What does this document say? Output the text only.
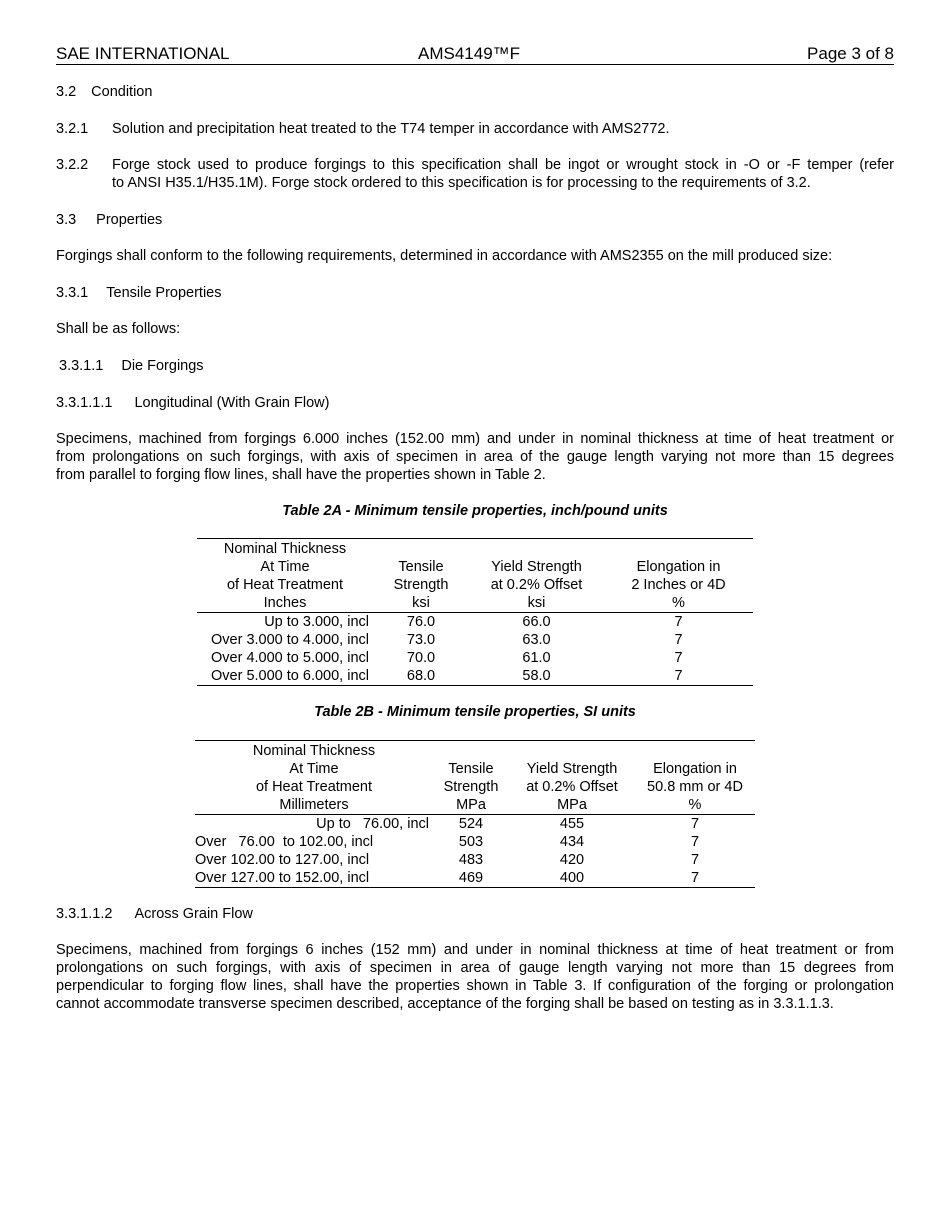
SAE INTERNATIONAL	AMS4149™F	Page 3 of 8
3.2 Condition
3.2.1 Solution and precipitation heat treated to the T74 temper in accordance with AMS2772.
3.2.2 Forge stock used to produce forgings to this specification shall be ingot or wrought stock in -O or -F temper (refer
to ANSI H35.1/H35.1M). Forge stock ordered to this specification is for processing to the requirements of 3.2.
3.3 Properties
Forgings shall conform to the following requirements, determined in accordance with AMS2355 on the mill produced size:
3.3.1 Tensile Properties
Shall be as follows:
3.3.1.1 Die Forgings
3.3.1.1.1 Longitudinal (With Grain Flow)
Specimens, machined from forgings 6.000 inches (152.00 mm) and under in nominal thickness at time of heat treatment or
from prolongations on such forgings, with axis of specimen in area of the gauge length varying not more than 15 degrees
from parallel to forging flow lines, shall have the properties shown in Table 2.
Table 2A - Minimum tensile properties, inch/pound units
Nominal Thickness			
At Time	Tensile	Yield Strength	Elongation in
of Heat Treatment	Strength	at 0.2% Offset	2 Inches or 4D
Inches	ksi	ksi	%
Up to 3.000, incl	76.0	66.0	7
Over 3.000 to 4.000, incl	73.0	63.0	7
Over 4.000 to 5.000, incl	70.0	61.0	7
Over 5.000 to 6.000, incl	68.0	58.0	7
Table 2B - Minimum tensile properties, SI units
Nominal Thickness			
At Time	Tensile	Yield Strength	Elongation in
of Heat Treatment	Strength	at 0.2% Offset	50.8 mm or 4D
Millimeters	MPa	MPa	%
Up to   76.00, incl	524	455	7
Over   76.00  to 102.00, incl	503	434	7
Over 102.00 to 127.00, incl	483	420	7
Over 127.00 to 152.00, incl	469	400	7
3.3.1.1.2 Across Grain Flow
Specimens, machined from forgings 6 inches (152 mm) and under in nominal thickness at time of heat treatment or from
prolongations on such forgings, with axis of specimen in area of gauge length varying not more than 15 degrees from
perpendicular to forging flow lines, shall have the properties shown in Table 3. If configuration of the forging or prolongation
cannot accommodate transverse specimen described, acceptance of the forging shall be based on testing as in 3.3.1.1.3.
